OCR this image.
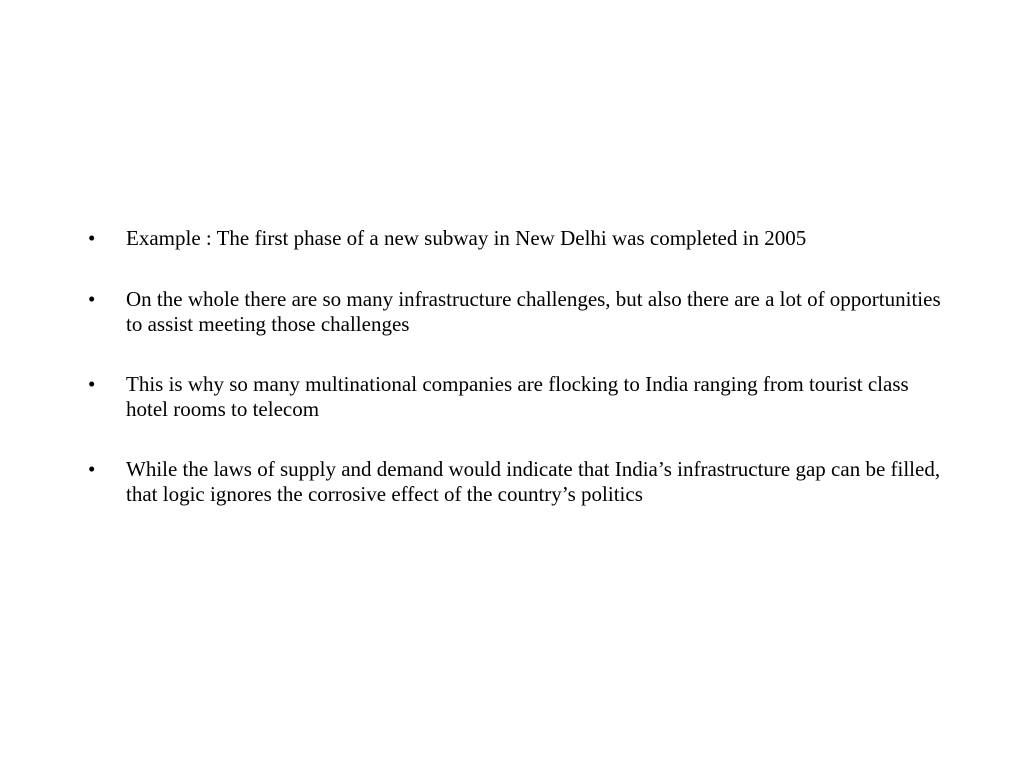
•	Example : The first phase of a new subway in New Delhi was completed in 2005
•	On the whole there are so many infrastructure challenges, but also there are a lot of opportunities to assist meeting those challenges
•	This is why so many multinational companies are flocking to India ranging from tourist class hotel rooms to telecom
•	While the laws of supply and demand would indicate that India’s infrastructure gap can be filled, that logic ignores the corrosive effect of the country’s politics
